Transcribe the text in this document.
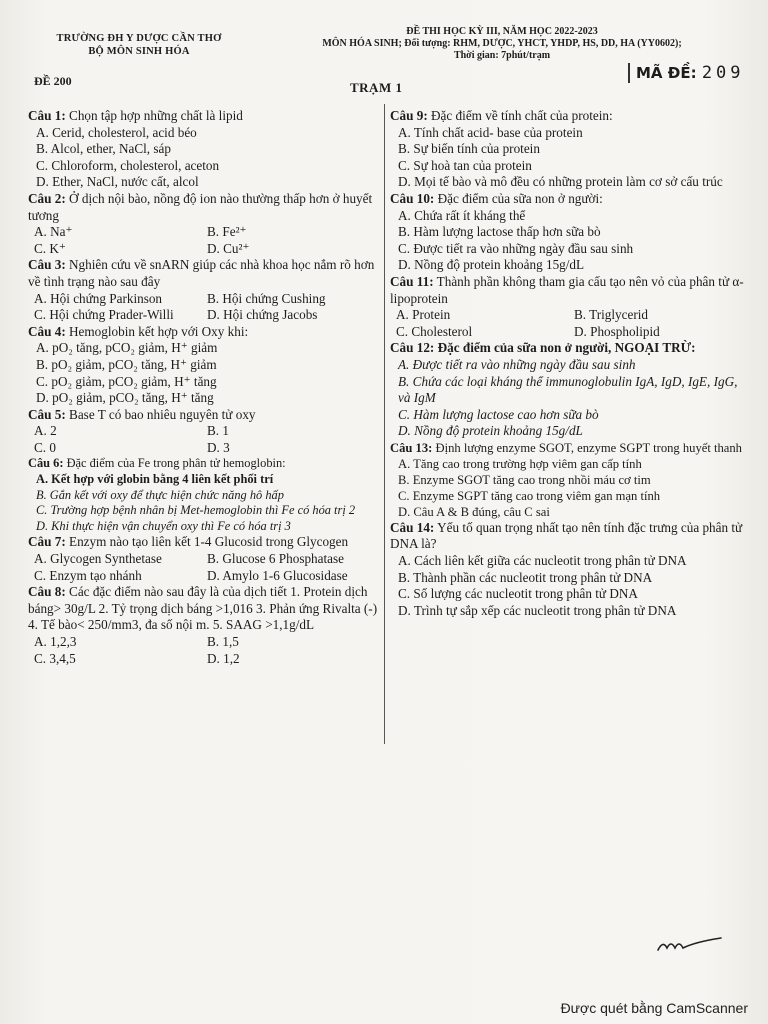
TRƯỜNG ĐH Y DƯỢC CẦN THƠ
BỘ MÔN SINH HÓA
ĐỀ THI HỌC KỲ III, NĂM HỌC 2022-2023
MÔN HÓA SINH; Đối tượng: RHM, DƯỢC, YHCT, YHDP, HS, DD, HA (YY0602);
Thời gian: 7phút/trạm
ĐỀ 200	TRẠM 1
MÃ ĐỀ: 209

Câu 1: Chọn tập hợp những chất là lipid

A. Cerid, cholesterol, acid béo

B. Alcol, ether, NaCl, sáp

C. Chloroform, cholesterol, aceton

D. Ether, NaCl, nước cất, alcol

Câu 2: Ở dịch nội bào, nồng độ ion nào thường thấp hơn ở huyết tương

A. Na⁺	B. Fe²⁺
C. K⁺	D. Cu²⁺

Câu 3: Nghiên cứu về snARN giúp các nhà khoa học nắm rõ hơn về tình trạng nào sau đây

A. Hội chứng Parkinson	B. Hội chứng Cushing
C. Hội chứng Prader-Willi	D. Hội chứng Jacobs

Câu 4: Hemoglobin kết hợp với Oxy khi:

A. pO₂ tăng, pCO₂ giảm, H⁺ giảm

B. pO₂ giảm, pCO₂ tăng, H⁺ giảm

C. pO₂ giảm, pCO₂ giảm, H⁺ tăng

D. pO₂ giảm, pCO₂ tăng, H⁺ tăng

Câu 5: Base T có bao nhiêu nguyên tử oxy

A. 2	B. 1
C. 0	D. 3

Câu 6: Đặc điểm của Fe trong phân tử hemoglobin:

A. Kết hợp với globin bằng 4 liên kết phối trí

B. Gắn kết với oxy để thực hiện chức năng hô hấp

C. Trường hợp bệnh nhân bị Met-hemoglobin thì Fe có hóa trị 2

D. Khi thực hiện vận chuyển oxy thì Fe có hóa trị 3

Câu 7: Enzym nào tạo liên kết 1-4 Glucosid trong Glycogen

A. Glycogen Synthetase	B. Glucose 6 Phosphatase
C. Enzym tạo nhánh	D. Amylo 1-6 Glucosidase

Câu 8: Các đặc điểm nào sau đây là của dịch tiết 1. Protein dịch báng> 30g/L 2. Tỷ trọng dịch báng >1,016 3. Phản ứng Rivalta (-) 4. Tế bào< 250/mm3, đa số nội m. 5. SAAG >1,1g/dL

A. 1,2,3	B. 1,5
C. 3,4,5	D. 1,2

Câu 9: Đặc điểm về tính chất của protein:

A. Tính chất acid- base của protein

B. Sự biến tính của protein

C. Sự hoà tan của protein

D. Mọi tế bào và mô đều có những protein làm cơ sở cấu trúc

Câu 10: Đặc điểm của sữa non ở người:

A. Chứa rất ít kháng thể

B. Hàm lượng lactose thấp hơn sữa bò

C. Được tiết ra vào những ngày đầu sau sinh

D. Nồng độ protein khoảng 15g/dL

Câu 11: Thành phần không tham gia cấu tạo nên vỏ của phân tử α-lipoprotein

A. Protein	B. Triglycerid
C. Cholesterol	D. Phospholipid

Câu 12: Đặc điểm của sữa non ở người, NGOẠI TRỪ:

A. Được tiết ra vào những ngày đầu sau sinh

B. Chứa các loại kháng thể immunoglobulin IgA, IgD, IgE, IgG, và IgM

C. Hàm lượng lactose cao hơn sữa bò

D. Nồng độ protein khoảng 15g/dL

Câu 13: Định lượng enzyme SGOT, enzyme SGPT trong huyết thanh

A. Tăng cao trong trường hợp viêm gan cấp tính

B. Enzyme SGOT tăng cao trong nhồi máu cơ tim

C. Enzyme SGPT tăng cao trong viêm gan mạn tính

D. Câu A & B đúng, câu C sai

Câu 14: Yếu tố quan trọng nhất tạo nên tính đặc trưng của phân tử DNA là?

A. Cách liên kết giữa các nucleotit trong phân tử DNA

B. Thành phần các nucleotit trong phân tử DNA

C. Số lượng các nucleotit trong phân tử DNA

D. Trình tự sắp xếp các nucleotit trong phân tử DNA

Được quét bằng CamScanner
